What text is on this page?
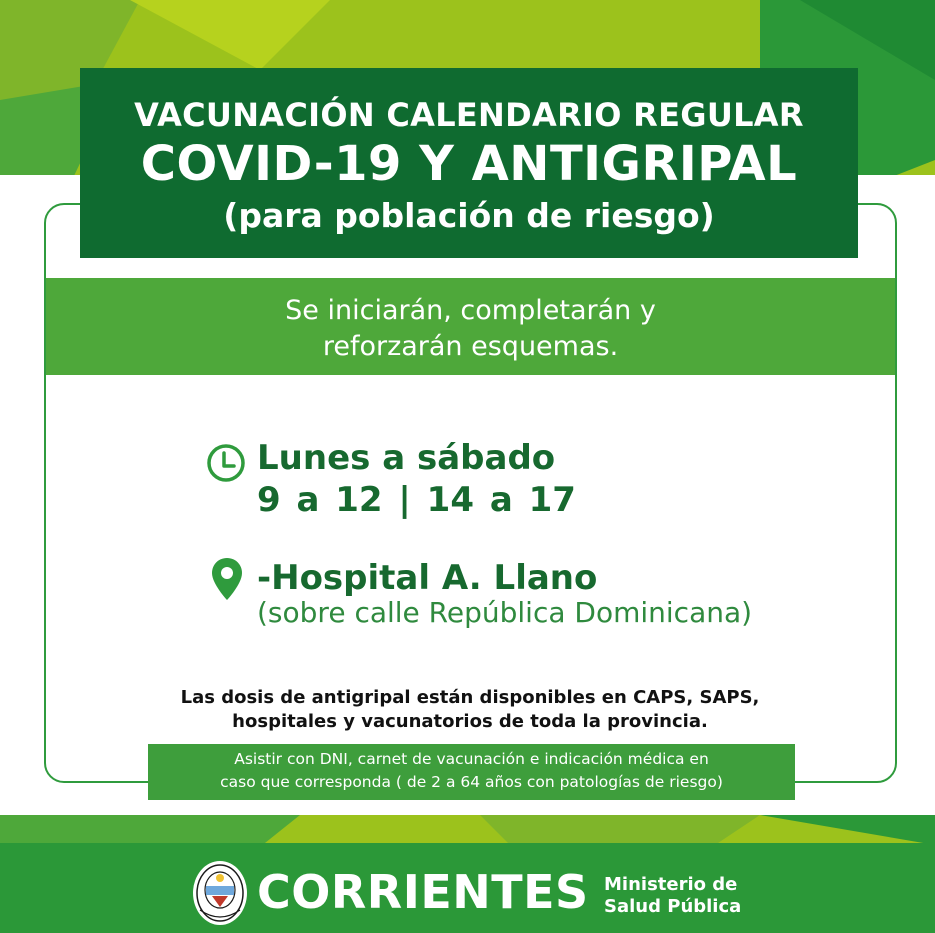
VACUNACIÓN CALENDARIO REGULAR
COVID-19 Y ANTIGRIPAL
(para población de riesgo)
Se iniciarán, completarán y
reforzarán esquemas.
Lunes a sábado
9 a 12 | 14 a 17
-Hospital A. Llano
(sobre calle República Dominicana)
Las dosis de antigripal están disponibles en CAPS, SAPS,
hospitales y vacunatorios de toda la provincia.
Asistir con DNI, carnet de vacunación e indicación médica en
caso que corresponda ( de 2 a 64 años con patologías de riesgo)
CORRIENTES Ministerio de
Salud Pública
